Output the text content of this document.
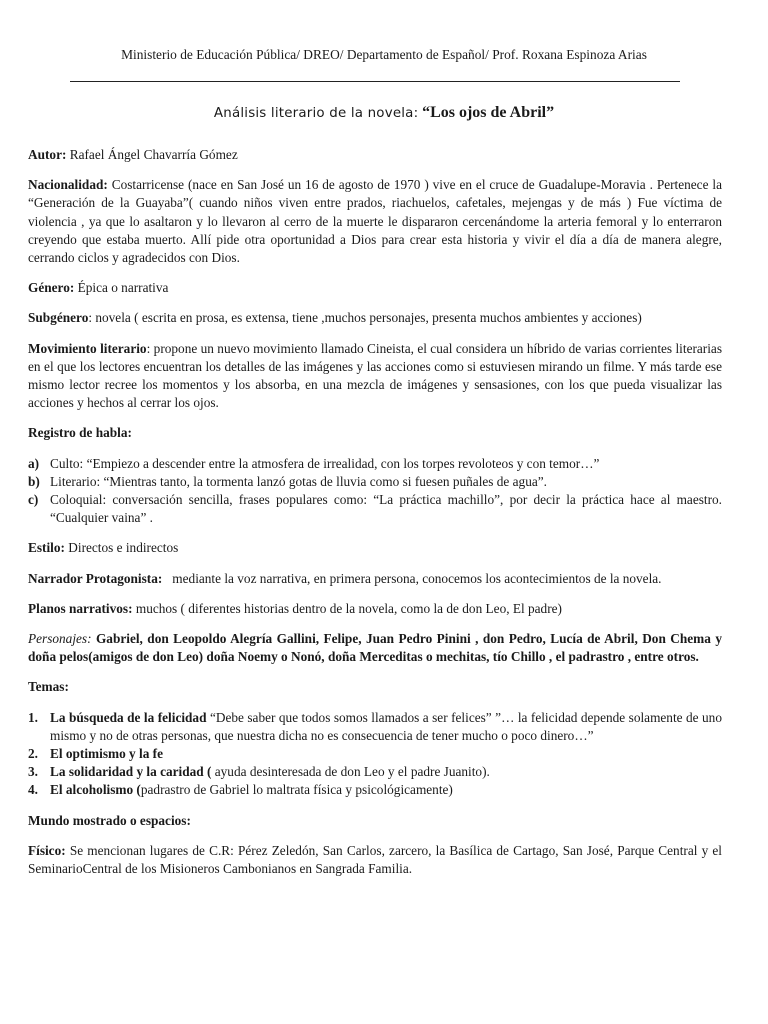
Ministerio de Educación Pública/ DREO/ Departamento de Español/ Prof. Roxana Espinoza Arias
Análisis literario de la novela: “Los ojos de Abril”

Autor: Rafael Ángel Chavarría Gómez

Nacionalidad: Costarricense (nace en San José un 16 de agosto de 1970 ) vive en el cruce de Guadalupe-Moravia . Pertenece la “Generación de la Guayaba”( cuando niños viven entre prados, riachuelos, cafetales, mejengas y de más ) Fue víctima de violencia , ya que lo asaltaron y lo llevaron al cerro de la muerte le dispararon cercenándome la arteria femoral y lo enterraron creyendo que estaba muerto. Allí pide otra oportunidad a Dios para crear esta historia y vivir el día a día de manera alegre, cerrando ciclos y agradecidos con Dios.

Género: Épica o narrativa

Subgénero: novela ( escrita en prosa, es extensa, tiene ,muchos personajes, presenta muchos ambientes y acciones)

Movimiento literario: propone un nuevo movimiento llamado Cineista, el cual considera un híbrido de varias corrientes literarias en el que los lectores encuentran los detalles de las imágenes y las acciones como si estuviesen mirando un filme. Y más tarde ese mismo lector recree los momentos y los absorba, en una mezcla de imágenes y sensasiones, con los que pueda visualizar las acciones y hechos al cerrar los ojos.

Registro de habla:

a) Culto: “Empiezo a descender entre la atmosfera de irrealidad, con los torpes revoloteos y con temor…”
b) Literario: “Mientras tanto, la tormenta lanzó gotas de lluvia como si fuesen puñales de agua”.
c) Coloquial: conversación sencilla, frases populares como: “La práctica machillo”, por decir la práctica hace al maestro. “Cualquier vaina” .

Estilo: Directos e indirectos

Narrador Protagonista: mediante la voz narrativa, en primera persona, conocemos los acontecimientos de la novela.

Planos narrativos: muchos ( diferentes historias dentro de la novela, como la de don Leo, El padre)

Personajes: Gabriel, don Leopoldo Alegría Gallini, Felipe, Juan Pedro Pinini , don Pedro, Lucía de Abril, Don Chema y doña pelos(amigos de don Leo) doña Noemy o Nonó, doña Merceditas o mechitas, tío Chillo , el padrastro , entre otros.

Temas:

1. La búsqueda de la felicidad “Debe saber que todos somos llamados a ser felices” ”… la felicidad depende solamente de uno mismo y no de otras personas, que nuestra dicha no es consecuencia de tener mucho o poco dinero…”
2. El optimismo y la fe
3. La solidaridad y la caridad ( ayuda desinteresada de don Leo y el padre Juanito).
4. El alcoholismo (padrastro de Gabriel lo maltrata física y psicológicamente)

Mundo mostrado o espacios:

Físico: Se mencionan lugares de C.R: Pérez Zeledón, San Carlos, zarcero, la Basílica de Cartago, San José, Parque Central y el SeminarioCentral de los Misioneros Cambonianos en Sangrada Familia.
